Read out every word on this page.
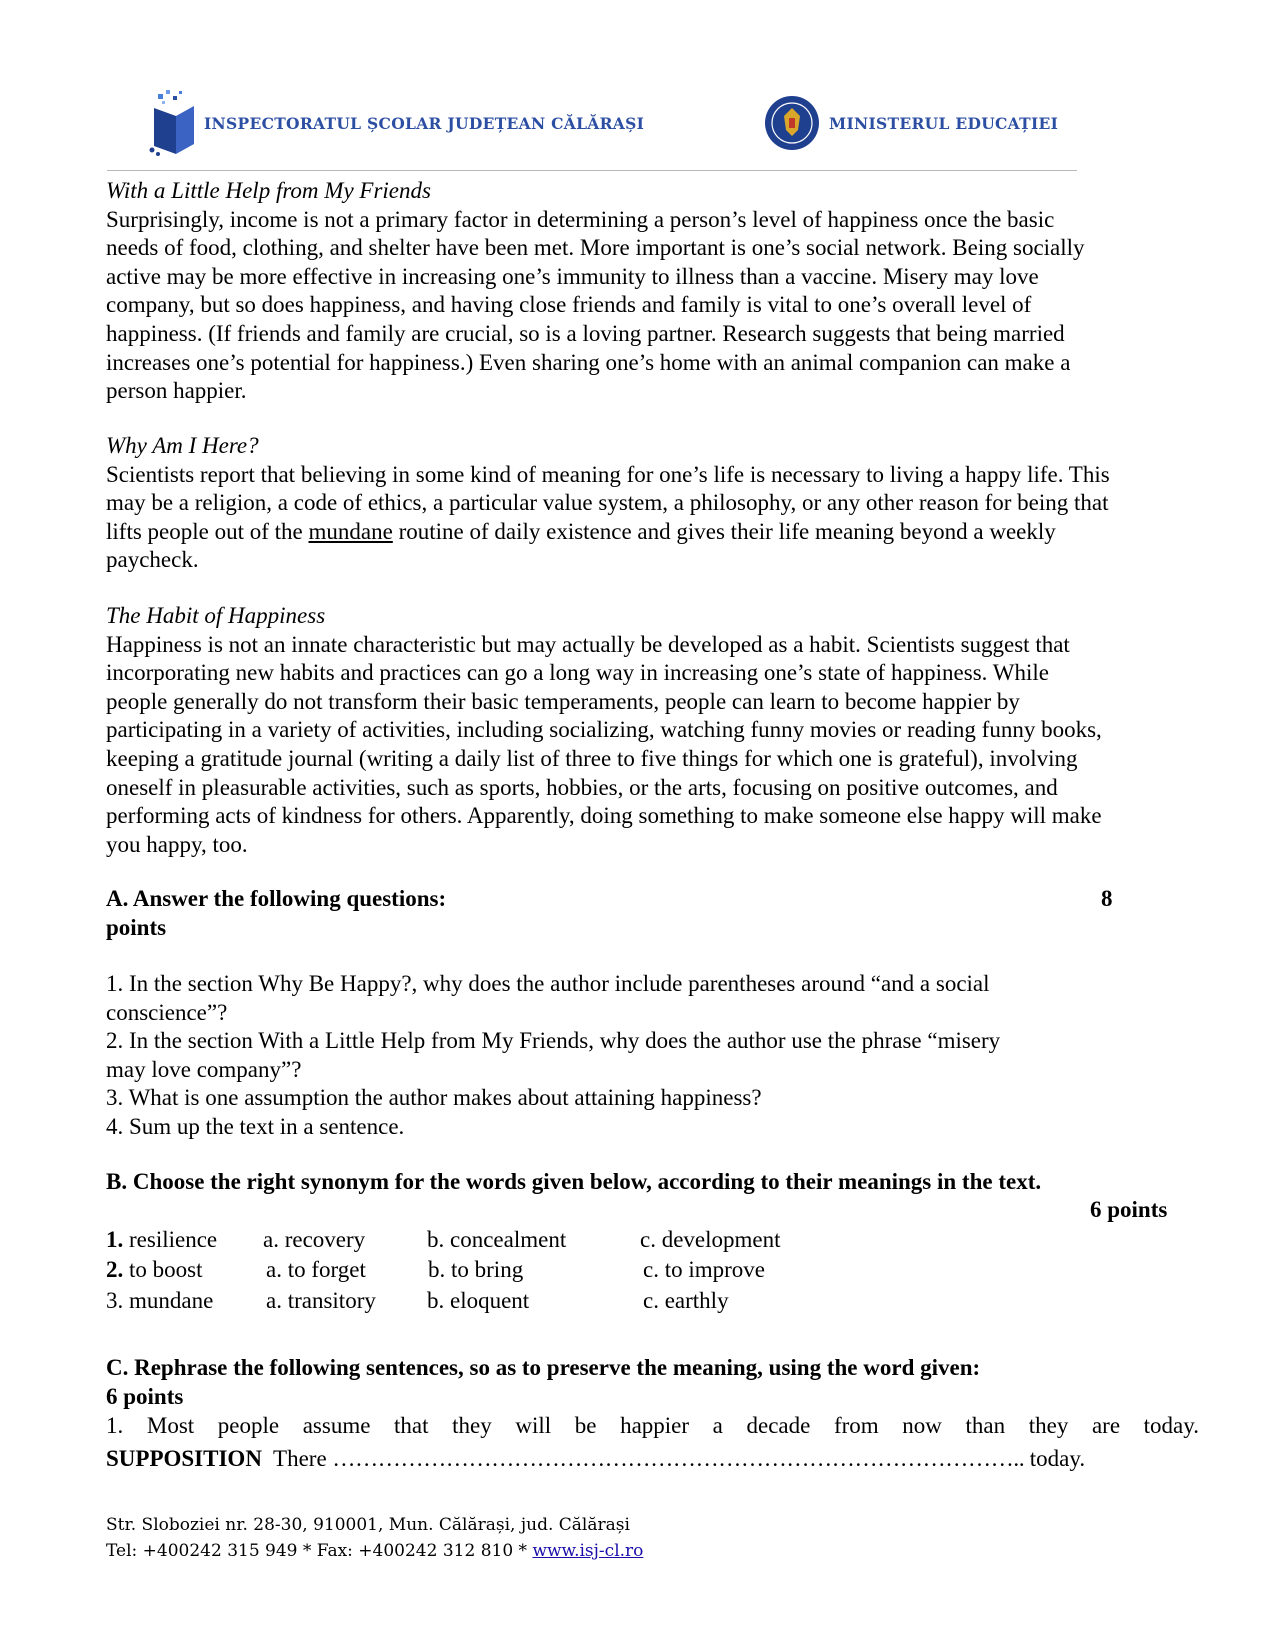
INSPECTORATUL ȘCOLAR JUDEȚEAN CĂLĂRAȘI	MINISTERUL EDUCAȚIEI
With a Little Help from My Friends
Surprisingly, income is not a primary factor in determining a person’s level of happiness once the basic
needs of food, clothing, and shelter have been met. More important is one’s social network. Being socially
active may be more effective in increasing one’s immunity to illness than a vaccine. Misery may love
company, but so does happiness, and having close friends and family is vital to one’s overall level of
happiness. (If friends and family are crucial, so is a loving partner. Research suggests that being married
increases one’s potential for happiness.) Even sharing one’s home with an animal companion can make a
person happier.
Why Am I Here?
Scientists report that believing in some kind of meaning for one’s life is necessary to living a happy life. This
may be a religion, a code of ethics, a particular value system, a philosophy, or any other reason for being that
lifts people out of the mundane routine of daily existence and gives their life meaning beyond a weekly
paycheck.
The Habit of Happiness
Happiness is not an innate characteristic but may actually be developed as a habit. Scientists suggest that
incorporating new habits and practices can go a long way in increasing one’s state of happiness. While
people generally do not transform their basic temperaments, people can learn to become happier by
participating in a variety of activities, including socializing, watching funny movies or reading funny books,
keeping a gratitude journal (writing a daily list of three to five things for which one is grateful), involving
oneself in pleasurable activities, such as sports, hobbies, or the arts, focusing on positive outcomes, and
performing acts of kindness for others. Apparently, doing something to make someone else happy will make
you happy, too.
A. Answer the following questions:	8
points
1. In the section Why Be Happy?, why does the author include parentheses around “and a social
conscience”?
2. In the section With a Little Help from My Friends, why does the author use the phrase “misery
may love company”?
3. What is one assumption the author makes about attaining happiness?
4. Sum up the text in a sentence.
B. Choose the right synonym for the words given below, according to their meanings in the text.
6 points
1. resilience a. recovery	b. concealment	c. development
2. to boost	a. to forget	b. to bring	c. to improve
3. mundane a. transitory b. eloquent	c. earthly
C. Rephrase the following sentences, so as to preserve the meaning, using the word given:
6 points
1. Most people assume that they will be happier a decade from now than they are today.
SUPPOSITION  There ……………………………………………………………………………….. today.
Str. Sloboziei nr. 28-30, 910001, Mun. Călărași, jud. Călărași
Tel: +400242 315 949 * Fax: +400242 312 810 * www.isj-cl.ro
